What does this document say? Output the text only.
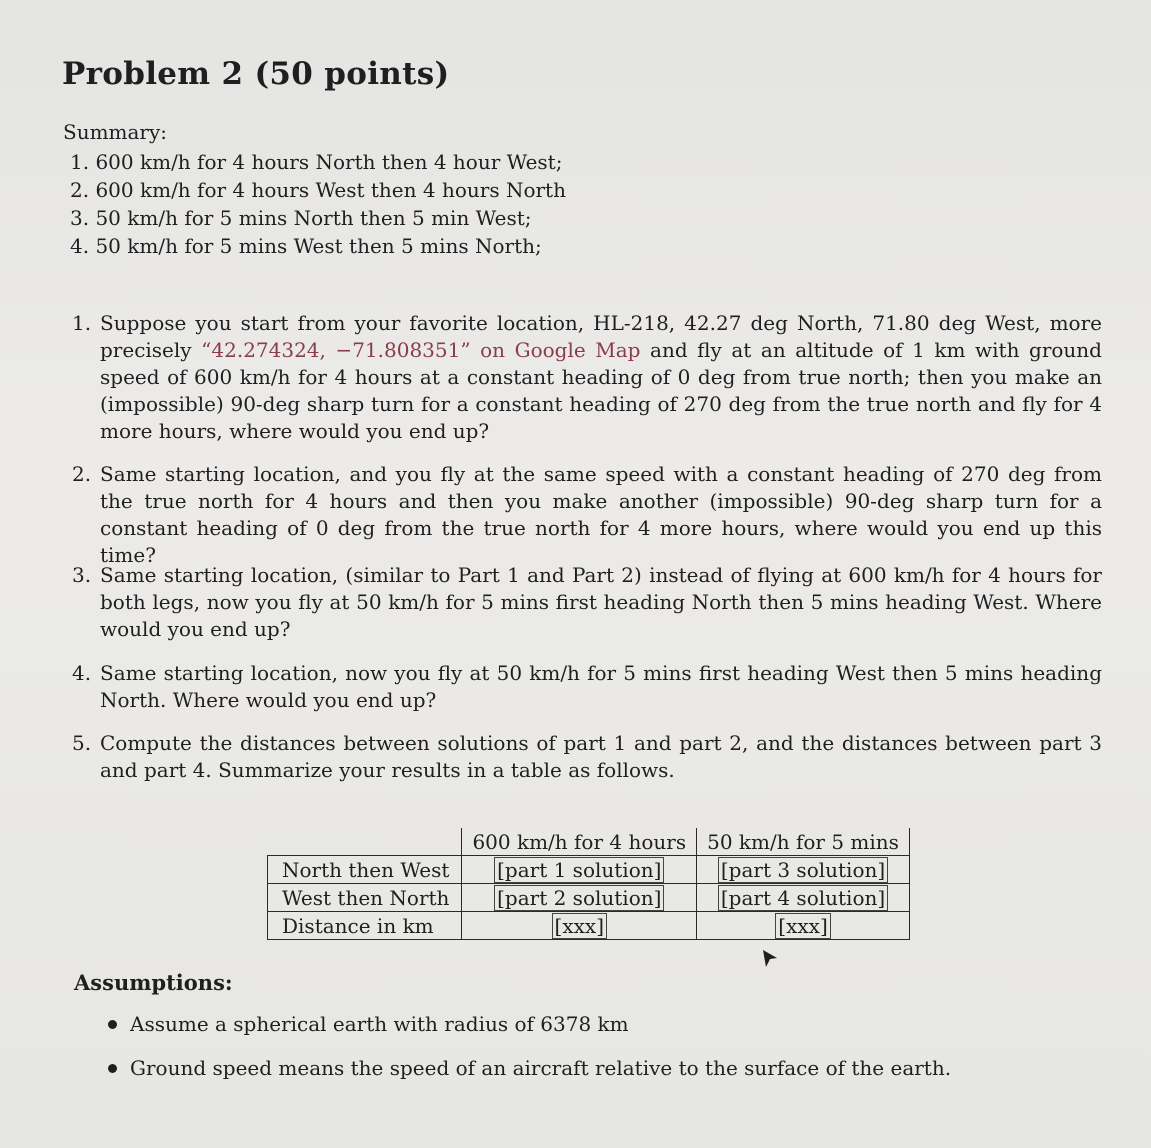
Problem 2 (50 points)
Summary:
1. 600 km/h for 4 hours North then 4 hour West;
2. 600 km/h for 4 hours West then 4 hours North
3. 50 km/h for 5 mins North then 5 min West;
4. 50 km/h for 5 mins West then 5 mins North;
1. Suppose you start from your favorite location, HL-218, 42.27 deg North, 71.80 deg West, more precisely “42.274324, −71.808351” on Google Map and fly at an altitude of 1 km with ground speed of 600 km/h for 4 hours at a constant heading of 0 deg from true north; then you make an (impossible) 90-deg sharp turn for a constant heading of 270 deg from the true north and fly for 4 more hours, where would you end up?
2. Same starting location, and you fly at the same speed with a constant heading of 270 deg from the true north for 4 hours and then you make another (impossible) 90-deg sharp turn for a constant heading of 0 deg from the true north for 4 more hours, where would you end up this time?
3. Same starting location, (similar to Part 1 and Part 2) instead of flying at 600 km/h for 4 hours for both legs, now you fly at 50 km/h for 5 mins first heading North then 5 mins heading West. Where would you end up?
4. Same starting location, now you fly at 50 km/h for 5 mins first heading West then 5 mins heading North. Where would you end up?
5. Compute the distances between solutions of part 1 and part 2, and the distances between part 3 and part 4. Summarize your results in a table as follows.
	600 km/h for 4 hours	50 km/h for 5 mins
North then West	[part 1 solution]	[part 3 solution]
West then North	[part 2 solution]	[part 4 solution]
Distance in km	[xxx]	[xxx]
Assumptions:
Assume a spherical earth with radius of 6378 km
Ground speed means the speed of an aircraft relative to the surface of the earth.
